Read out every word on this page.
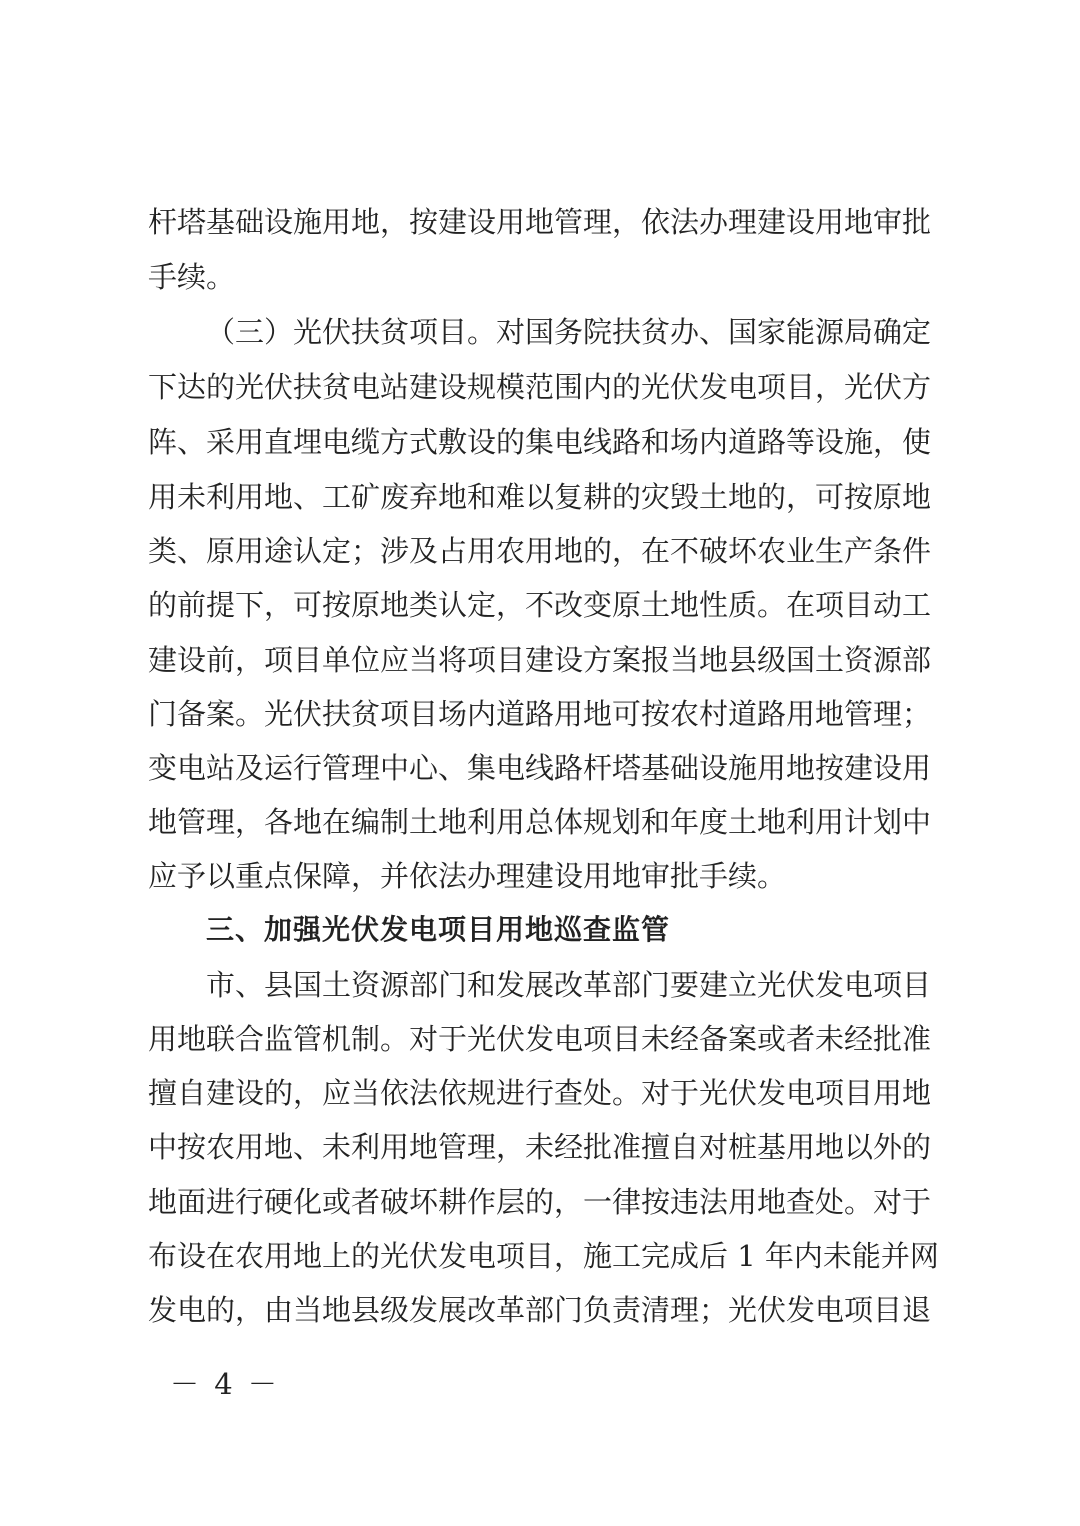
杆塔基础设施用地，按建设用地管理，依法办理建设用地审批
手续。
（三）光伏扶贫项目。对国务院扶贫办、国家能源局确定
下达的光伏扶贫电站建设规模范围内的光伏发电项目，光伏方
阵、采用直埋电缆方式敷设的集电线路和场内道路等设施，使
用未利用地、工矿废弃地和难以复耕的灾毁土地的，可按原地
类、原用途认定；涉及占用农用地的，在不破坏农业生产条件
的前提下，可按原地类认定，不改变原土地性质。在项目动工
建设前，项目单位应当将项目建设方案报当地县级国土资源部
门备案。光伏扶贫项目场内道路用地可按农村道路用地管理；
变电站及运行管理中心、集电线路杆塔基础设施用地按建设用
地管理，各地在编制土地利用总体规划和年度土地利用计划中
应予以重点保障，并依法办理建设用地审批手续。
三、加强光伏发电项目用地巡查监管
市、县国土资源部门和发展改革部门要建立光伏发电项目
用地联合监管机制。对于光伏发电项目未经备案或者未经批准
擅自建设的，应当依法依规进行查处。对于光伏发电项目用地
中按农用地、未利用地管理，未经批准擅自对桩基用地以外的
地面进行硬化或者破坏耕作层的，一律按违法用地查处。对于
布设在农用地上的光伏发电项目，施工完成后 1 年内未能并网
发电的，由当地县级发展改革部门负责清理；光伏发电项目退
－ 4 －
